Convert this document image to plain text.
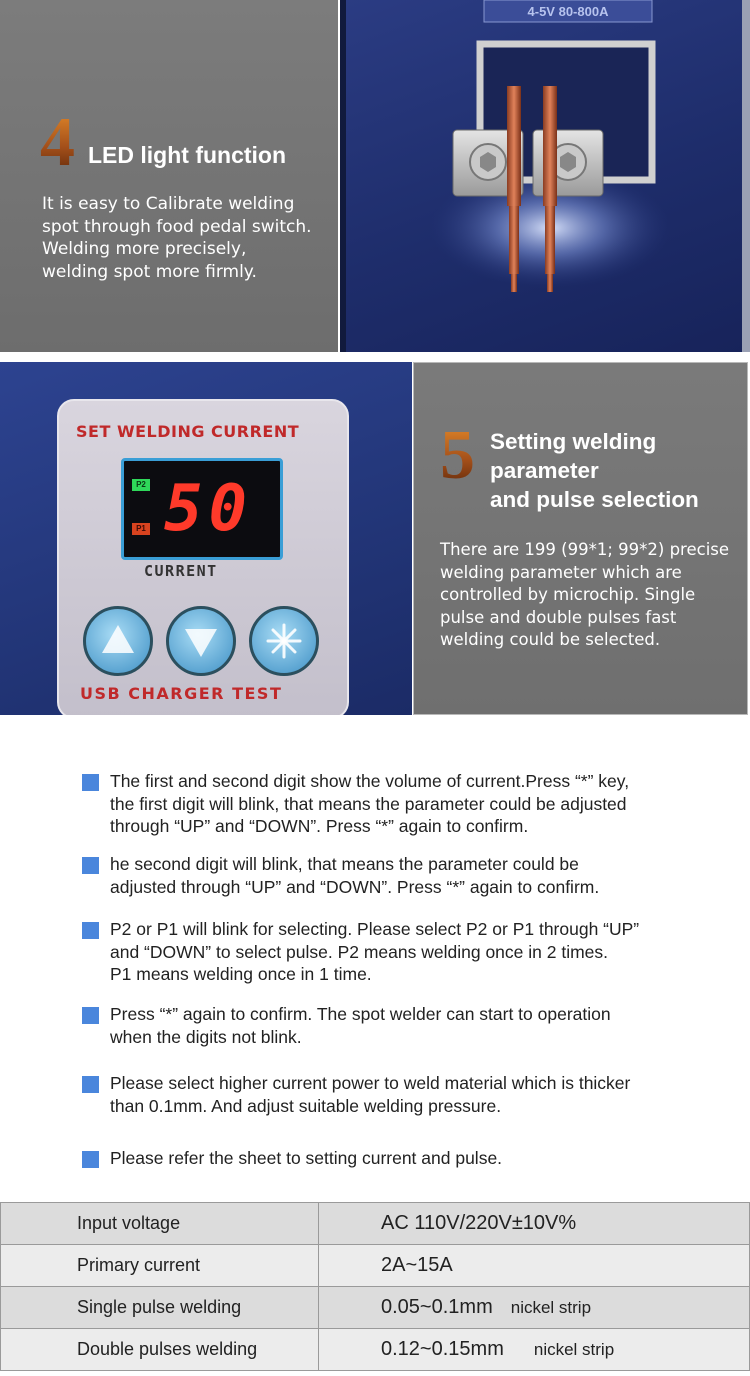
4 LED light function
It is easy to Calibrate welding
spot through food pedal switch.
Welding more precisely,
welding spot more firmly.
4-5V 80-800A
SET WELDING CURRENT
P2
P1 50
CURRENT
USB CHARGER TEST
5 Setting welding
parameter
and pulse selection
There are 199 (99*1; 99*2) precise
welding parameter which are
controlled by microchip. Single
pulse and double pulses fast
welding could be selected.
The first and second digit show the volume of current.Press “*” key,
the first digit will blink, that means the parameter could be adjusted
through “UP” and “DOWN”. Press “*” again to confirm.
he second digit will blink, that means the parameter could be
adjusted through “UP” and “DOWN”. Press “*” again to confirm.
P2 or P1 will blink for selecting. Please select P2 or P1 through “UP”
and “DOWN” to select pulse. P2 means welding once in 2 times.
P1 means welding once in 1 time.
Press “*” again to confirm. The spot welder can start to operation
when the digits not blink.
Please select higher current power to weld material which is thicker
than 0.1mm. And adjust suitable welding pressure.
Please refer the sheet to setting current and pulse.
Input voltage	AC 110V/220V±10V%
Primary current	2A~15A
Single pulse welding	0.05~0.1mm nickel strip
Double pulses welding	0.12~0.15mm nickel strip
